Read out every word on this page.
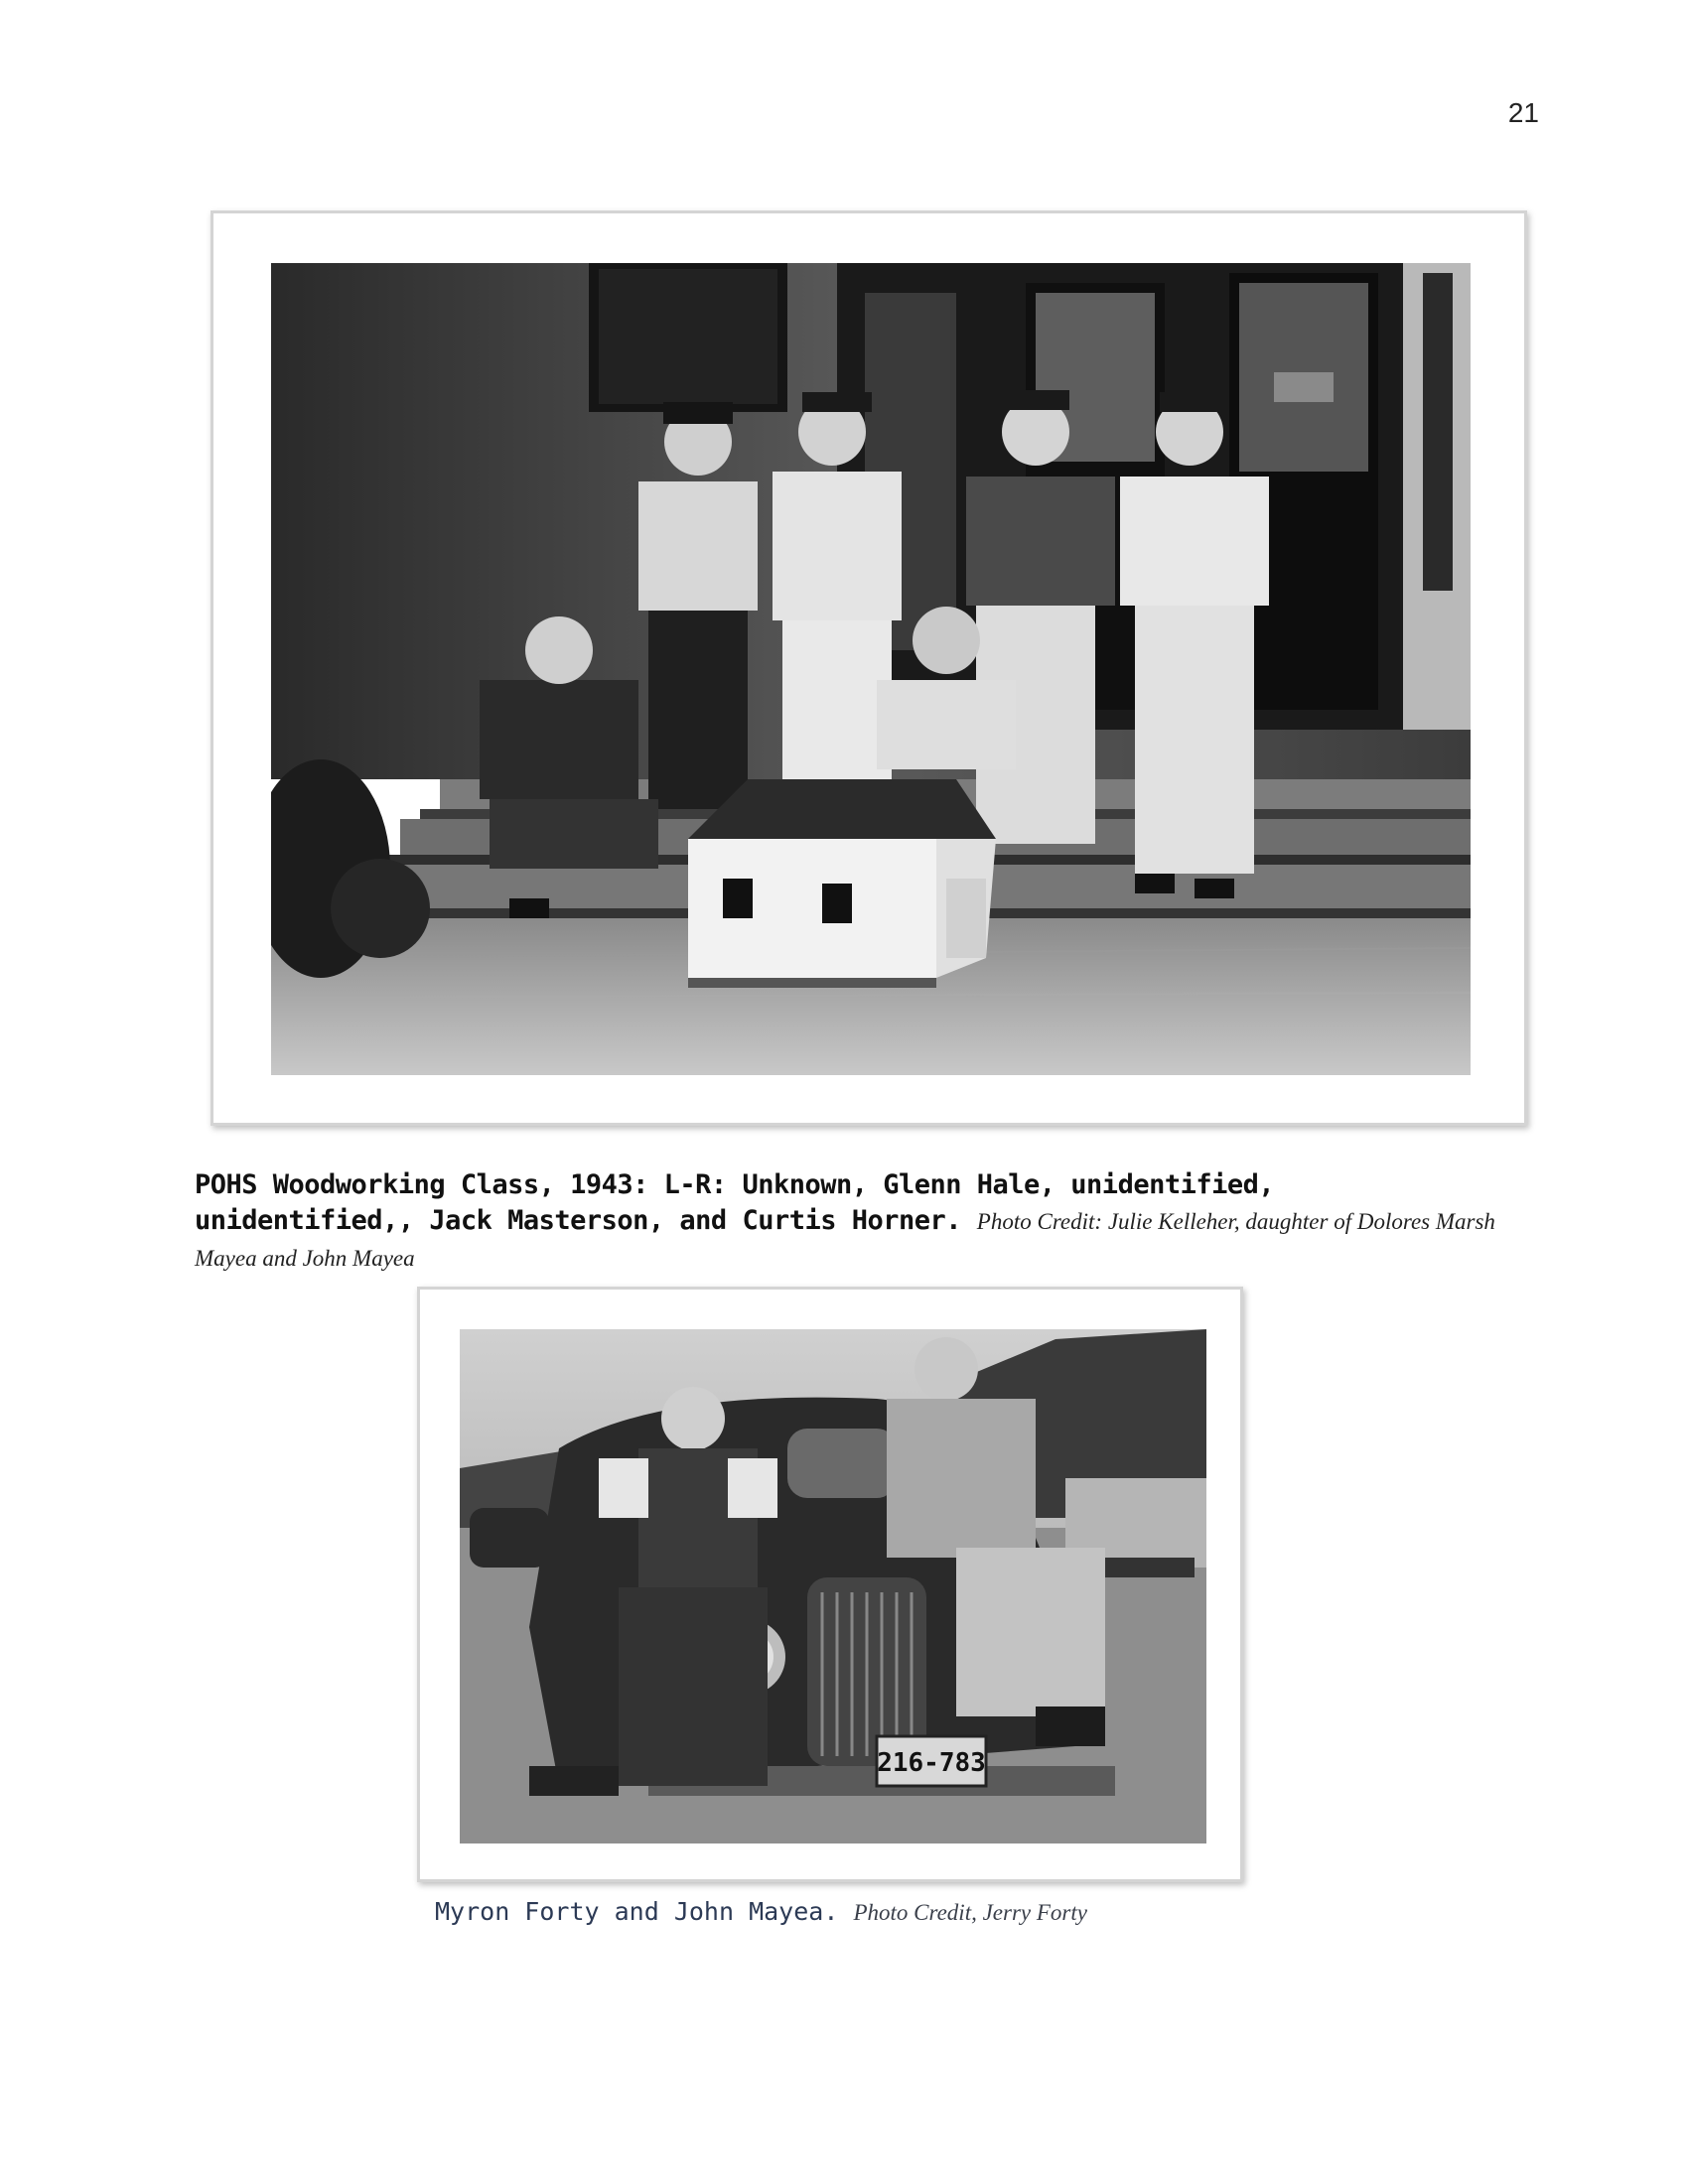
21
POHS Woodworking Class, 1943: L-R: Unknown, Glenn Hale, unidentified, unidentified,, Jack Masterson, and Curtis Horner. Photo Credit: Julie Kelleher, daughter of Dolores Marsh Mayea and John Mayea
216-783
Myron Forty and John Mayea. Photo Credit, Jerry Forty
